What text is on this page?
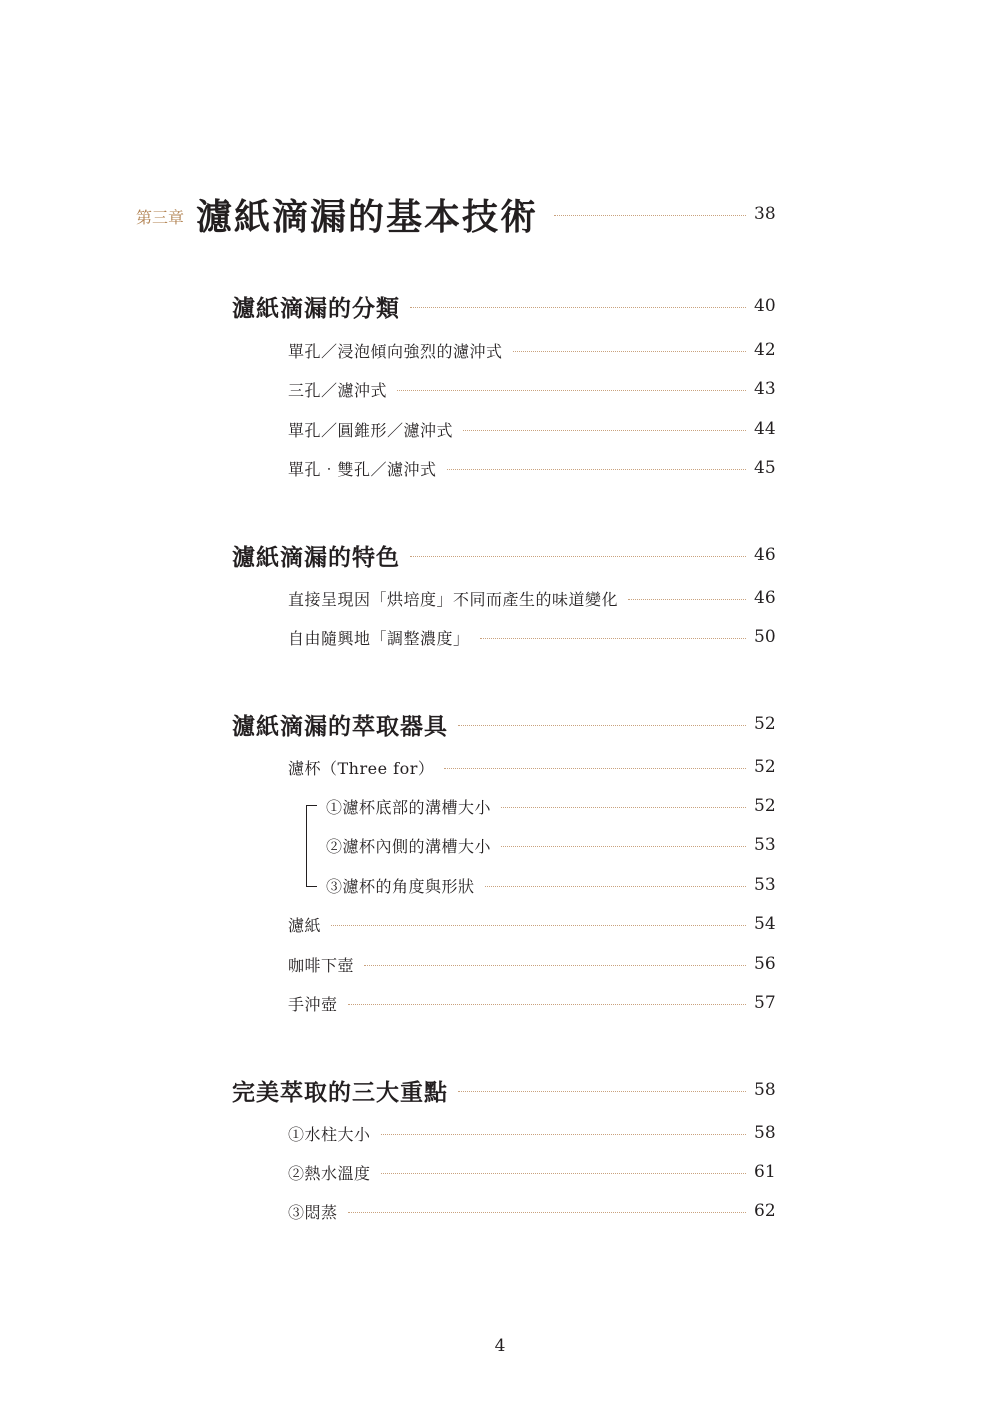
第三章 濾紙滴漏的基本技術	38
濾紙滴漏的分類	40
單孔／浸泡傾向強烈的濾沖式	42
三孔／濾沖式	43
單孔／圓錐形／濾沖式	44
單孔‧雙孔／濾沖式	45
濾紙滴漏的特色	46
直接呈現因「烘培度」不同而產生的味道變化	46
自由隨興地「調整濃度」	50
濾紙滴漏的萃取器具	52
濾杯（Three for）	52
①濾杯底部的溝槽大小	52
②濾杯內側的溝槽大小	53
③濾杯的角度與形狀	53
濾紙	54
咖啡下壺	56
手沖壺	57
完美萃取的三大重點	58
①水柱大小	58
②熱水溫度	61
③悶蒸	62
4
